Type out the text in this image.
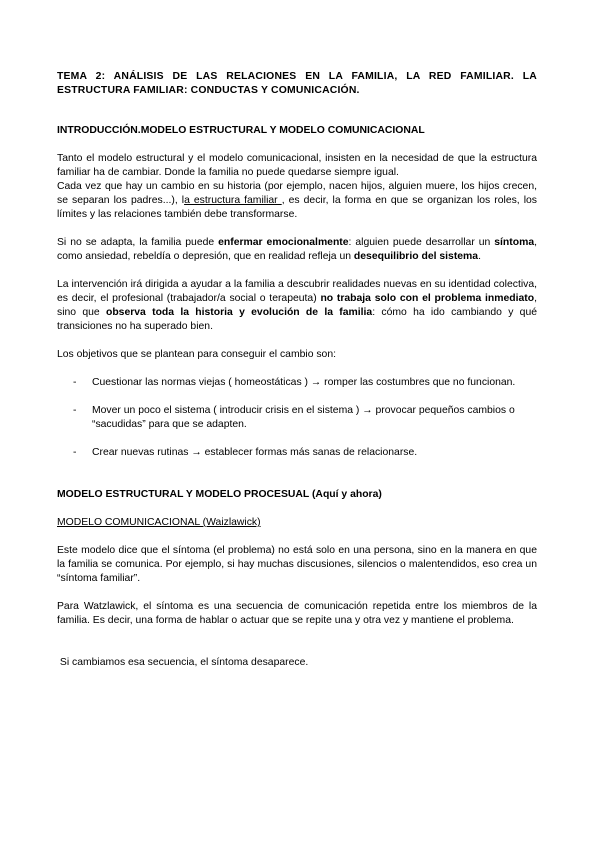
TEMA 2: ANÁLISIS DE LAS RELACIONES EN LA FAMILIA, LA RED FAMILIAR. LA ESTRUCTURA FAMILIAR: CONDUCTAS Y COMUNICACIÓN.

INTRODUCCIÓN.MODELO ESTRUCTURAL Y MODELO COMUNICACIONAL

Tanto el modelo estructural y el modelo comunicacional, insisten en la necesidad de que la estructura familiar ha de cambiar. Donde la familia no puede quedarse siempre igual.

Cada vez que hay un cambio en su historia (por ejemplo, nacen hijos, alguien muere, los hijos crecen, se separan los padres...), la estructura familiar , es decir, la forma en que se organizan los roles, los límites y las relaciones también debe transformarse.

Si no se adapta, la familia puede enfermar emocionalmente: alguien puede desarrollar un síntoma, como ansiedad, rebeldía o depresión, que en realidad refleja un desequilibrio del sistema.

La intervención irá dirigida a ayudar a la familia a descubrir realidades nuevas en su identidad colectiva, es decir, el profesional (trabajador/a social o terapeuta) no trabaja solo con el problema inmediato, sino que observa toda la historia y evolución de la familia: cómo ha ido cambiando y qué transiciones no ha superado bien.

Los objetivos que se plantean para conseguir el cambio son:

- Cuestionar las normas viejas ( homeostáticas ) → romper las costumbres que no funcionan.
- Mover un poco el sistema ( introducir crisis en el sistema ) → provocar pequeños cambios o “sacudidas” para que se adapten.
- Crear nuevas rutinas → establecer formas más sanas de relacionarse.

MODELO ESTRUCTURAL Y MODELO PROCESUAL (Aquí y ahora)

MODELO COMUNICACIONAL (Waizlawick)

Este modelo dice que el síntoma (el problema) no está solo en una persona, sino en la manera en que la familia se comunica. Por ejemplo, si hay muchas discusiones, silencios o malentendidos, eso crea un “síntoma familiar”.

Para Watzlawick, el síntoma es una secuencia de comunicación repetida entre los miembros de la familia. Es decir, una forma de hablar o actuar que se repite una y otra vez y mantiene el problema.

Si cambiamos esa secuencia, el síntoma desaparece.
